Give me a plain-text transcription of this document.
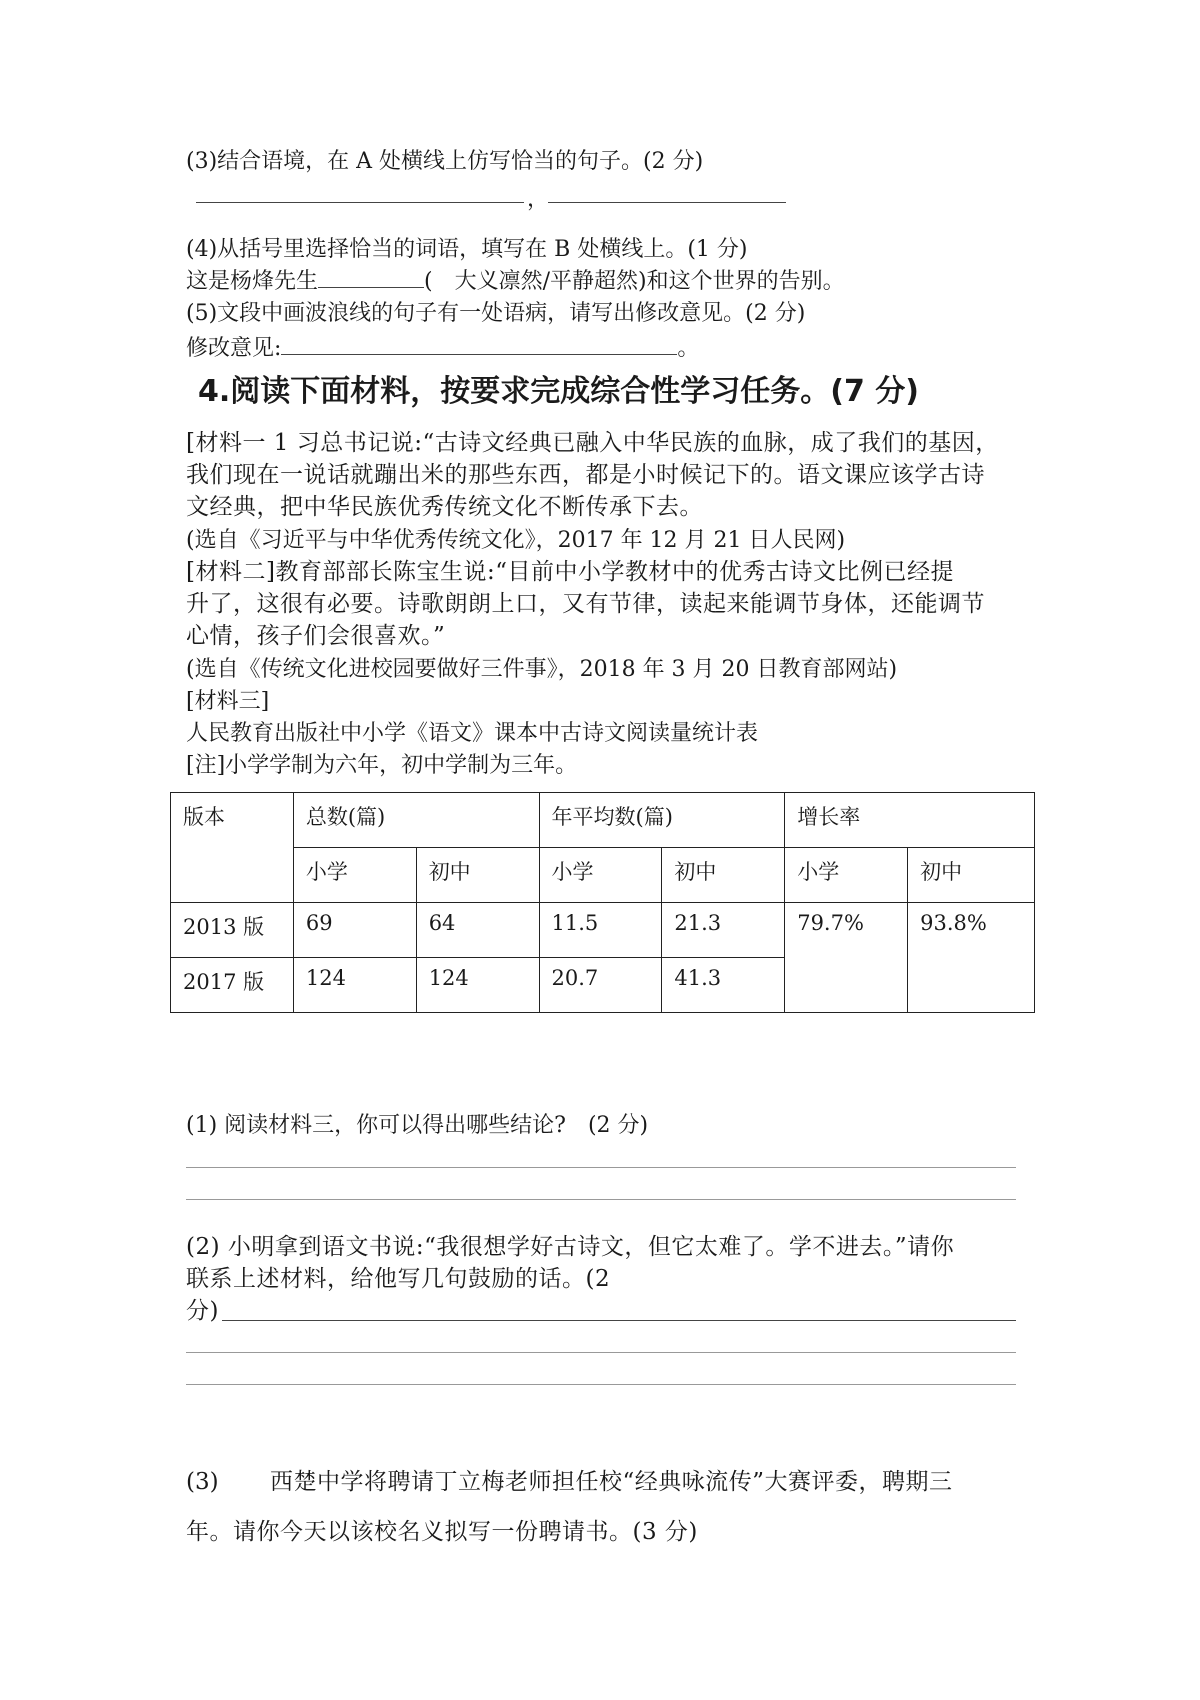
(3)结合语境，在 A 处横线上仿写恰当的句子。(2 分)
，
(4)从括号里选择恰当的词语，填写在 B 处横线上。(1 分)
这是杨烽先生	(　大义凛然/平静超然)和这个世界的告别。
(5)文段中画波浪线的句子有一处语病，请写出修改意见。(2 分)
修改意见:	。
4.阅读下面材料，按要求完成综合性学习任务。(7 分)
[材料一 1 习总书记说:“古诗文经典已融入中华民族的血脉，成了我们的基因，
我们现在一说话就蹦出米的那些东西，都是小时候记下的。语文课应该学古诗
文经典，把中华民族优秀传统文化不断传承下去。
(选自《习近平与中华优秀传统文化》，2017 年 12 月 21 日人民网)
[材料二]教育部部长陈宝生说:“目前中小学教材中的优秀古诗文比例已经提
升了，这很有必要。诗歌朗朗上口，又有节律，读起来能调节身体，还能调节
心情，孩子们会很喜欢。”
(选自《传统文化进校园要做好三件事》，2018 年 3 月 20 日教育部网站)
[材料三]
人民教育出版社中小学《语文》课本中古诗文阅读量统计表
[注]小学学制为六年，初中学制为三年。
版本	总数(篇)		年平均数(篇)		增长率	
	小学	初中	小学	初中	小学	初中
2013 版	69	64	11.5	21.3	79.7%	93.8%
2017 版	124	124	20.7	41.3		
(1) 阅读材料三，你可以得出哪些结论?　(2 分)
(2) 小明拿到语文书说:“我很想学好古诗文，但它太难了。学不进去。”请你
联系上述材料，给他写几句鼓励的话。(2
分)
(3) 西楚中学将聘请丁立梅老师担任校“经典咏流传”大赛评委，聘期三
年。请你今天以该校名义拟写一份聘请书。(3 分)
